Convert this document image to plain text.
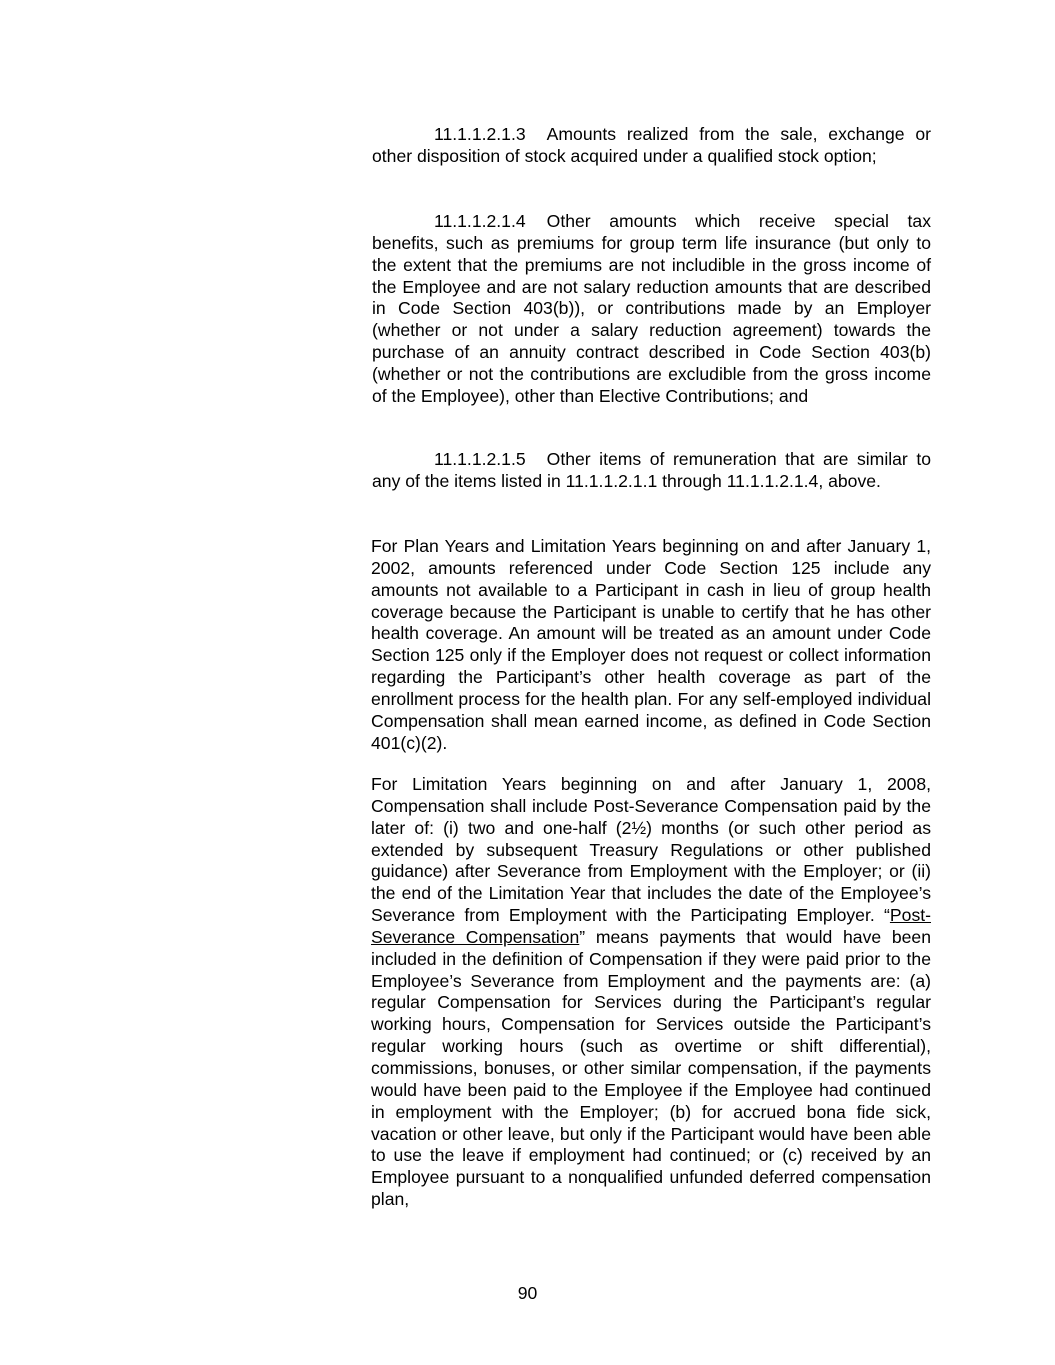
11.1.1.2.1.3 Amounts realized from the sale, exchange or other disposition of stock acquired under a qualified stock option;

11.1.1.2.1.4 Other amounts which receive special tax benefits, such as premiums for group term life insurance (but only to the extent that the premiums are not includible in the gross income of the Employee and are not salary reduction amounts that are described in Code Section 403(b)), or contributions made by an Employer (whether or not under a salary reduction agreement) towards the purchase of an annuity contract described in Code Section 403(b) (whether or not the contributions are excludible from the gross income of the Employee), other than Elective Contributions; and

11.1.1.2.1.5 Other items of remuneration that are similar to any of the items listed in 11.1.1.2.1.1 through 11.1.1.2.1.4, above.

For Plan Years and Limitation Years beginning on and after January 1, 2002, amounts referenced under Code Section 125 include any amounts not available to a Participant in cash in lieu of group health coverage because the Participant is unable to certify that he has other health coverage. An amount will be treated as an amount under Code Section 125 only if the Employer does not request or collect information regarding the Participant’s other health coverage as part of the enrollment process for the health plan. For any self-employed individual Compensation shall mean earned income, as defined in Code Section 401(c)(2).

For Limitation Years beginning on and after January 1, 2008, Compensation shall include Post-Severance Compensation paid by the later of: (i) two and one-half (2½) months (or such other period as extended by subsequent Treasury Regulations or other published guidance) after Severance from Employment with the Employer; or (ii) the end of the Limitation Year that includes the date of the Employee’s Severance from Employment with the Participating Employer. “Post-Severance Compensation” means payments that would have been included in the definition of Compensation if they were paid prior to the Employee’s Severance from Employment and the payments are: (a) regular Compensation for Services during the Participant’s regular working hours, Compensation for Services outside the Participant’s regular working hours (such as overtime or shift differential), commissions, bonuses, or other similar compensation, if the payments would have been paid to the Employee if the Employee had continued in employment with the Employer; (b) for accrued bona fide sick, vacation or other leave, but only if the Participant would have been able to use the leave if employment had continued; or (c) received by an Employee pursuant to a nonqualified unfunded deferred compensation plan,

90
